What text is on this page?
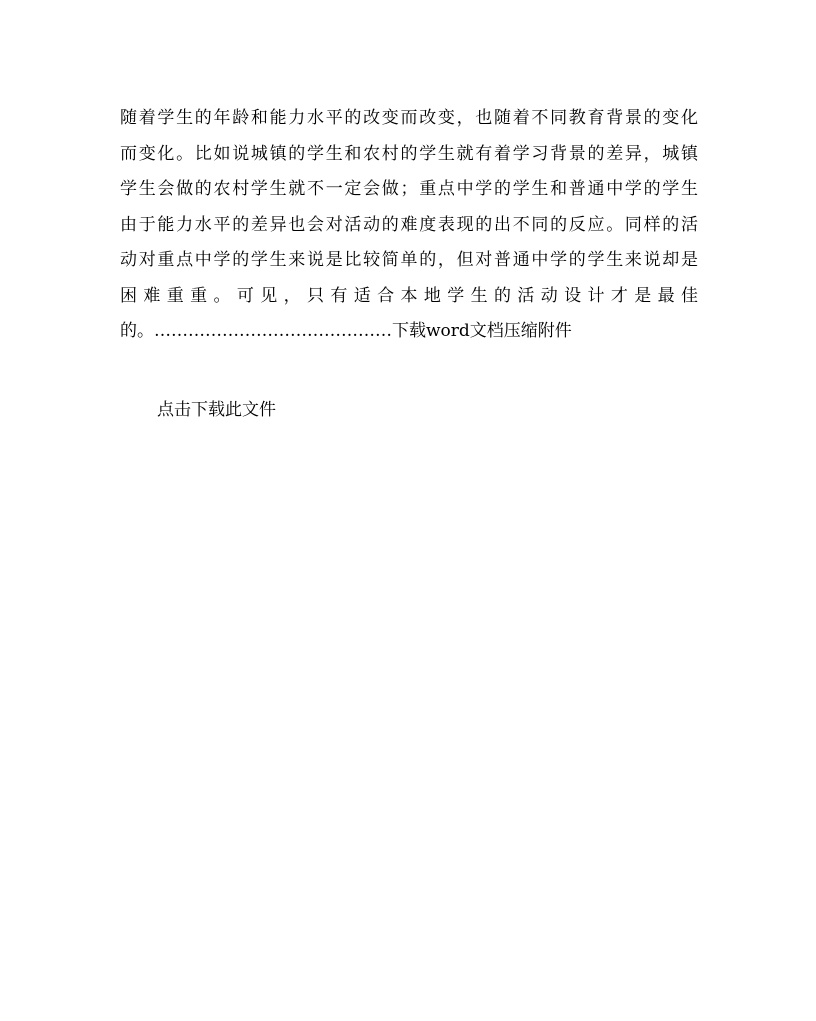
随着学生的年龄和能力水平的改变而改变，也随着不同教育背景的变化
而变化。比如说城镇的学生和农村的学生就有着学习背景的差异，城镇
学生会做的农村学生就不一定会做；重点中学的学生和普通中学的学生
由于能力水平的差异也会对活动的难度表现的出不同的反应。同样的活
动对重点中学的学生来说是比较简单的，但对普通中学的学生来说却是
困难重重。可见，只有适合本地学生的活动设计才是最佳
的。……………………………………下载word文档压缩附件
点击下载此文件
